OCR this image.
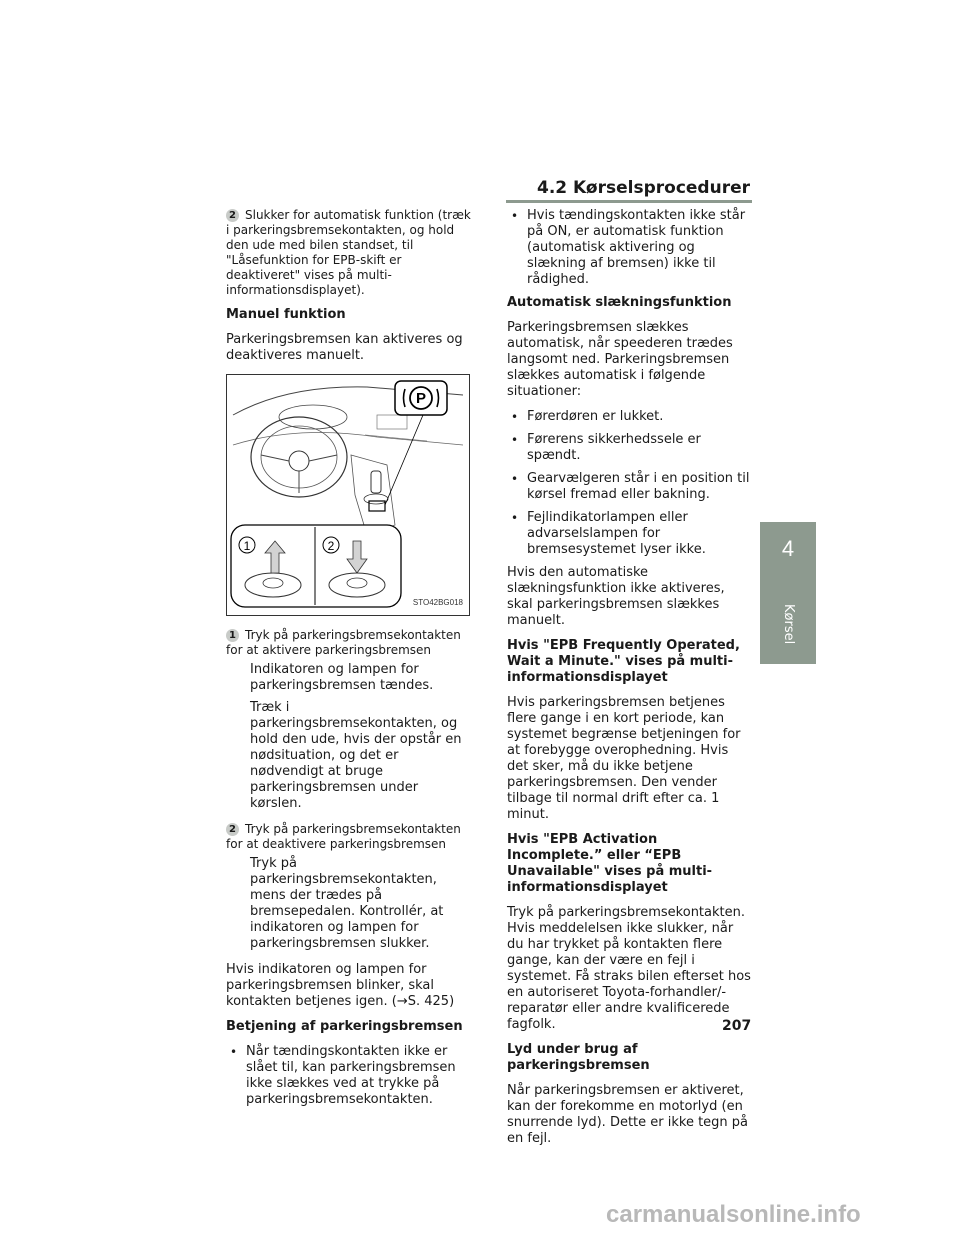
4.2 Kørselsprocedurer

2 Slukker for automatisk funktion (træk i parkeringsbremsekontakten, og hold den ude med bilen standset, til "Låsefunktion for EPB-skift er deaktiveret" vises på multi-informationsdisplayet).

Manuel funktion

Parkeringsbremsen kan aktiveres og deaktiveres manuelt.

P
1	2
STO42BG018

1 Tryk på parkeringsbremsekontakten for at aktivere parkeringsbremsen

Indikatoren og lampen for parkeringsbremsen tændes.

Træk i parkeringsbremsekontakten, og hold den ude, hvis der opstår en nødsituation, og det er nødvendigt at bruge parkeringsbremsen under kørslen.

2 Tryk på parkeringsbremsekontakten for at deaktivere parkeringsbremsen

Tryk på parkeringsbremsekontakten, mens der trædes på bremsepedalen. Kontrollér, at indikatoren og lampen for parkeringsbremsen slukker.

Hvis indikatoren og lampen for parkeringsbremsen blinker, skal kontakten betjenes igen. (→S. 425)

Betjening af parkeringsbremsen

• Når tændingskontakten ikke er slået til, kan parkeringsbremsen ikke slækkes ved at trykke på parkeringsbremsekontakten.

• Hvis tændingskontakten ikke står på ON, er automatisk funktion (automatisk aktivering og slækning af bremsen) ikke til rådighed.

Automatisk slækningsfunktion

Parkeringsbremsen slækkes automatisk, når speederen trædes langsomt ned. Parkeringsbremsen slækkes automatisk i følgende situationer:

• Førerdøren er lukket.

• Førerens sikkerhedssele er spændt.

• Gearvælgeren står i en position til kørsel fremad eller bakning.

• Fejlindikatorlampen eller advarselslampen for bremsesystemet lyser ikke.

Hvis den automatiske slækningsfunktion ikke aktiveres, skal parkeringsbremsen slækkes manuelt.

Hvis "EPB Frequently Operated, Wait a Minute." vises på multi-informationsdisplayet

Hvis parkeringsbremsen betjenes flere gange i en kort periode, kan systemet begrænse betjeningen for at forebygge overophedning. Hvis det sker, må du ikke betjene parkeringsbremsen. Den vender tilbage til normal drift efter ca. 1 minut.

Hvis "EPB Activation Incomplete.” eller “EPB Unavailable" vises på multi-informationsdisplayet

Tryk på parkeringsbremsekontakten. Hvis meddelelsen ikke slukker, når du har trykket på kontakten flere gange, kan der være en fejl i systemet. Få straks bilen efterset hos en autoriseret Toyota-forhandler/-reparatør eller andre kvalificerede fagfolk.

Lyd under brug af parkeringsbremsen

Når parkeringsbremsen er aktiveret, kan der forekomme en motorlyd (en snurrende lyd). Dette er ikke tegn på en fejl.

4
Kørsel
207
carmanualsonline.info
